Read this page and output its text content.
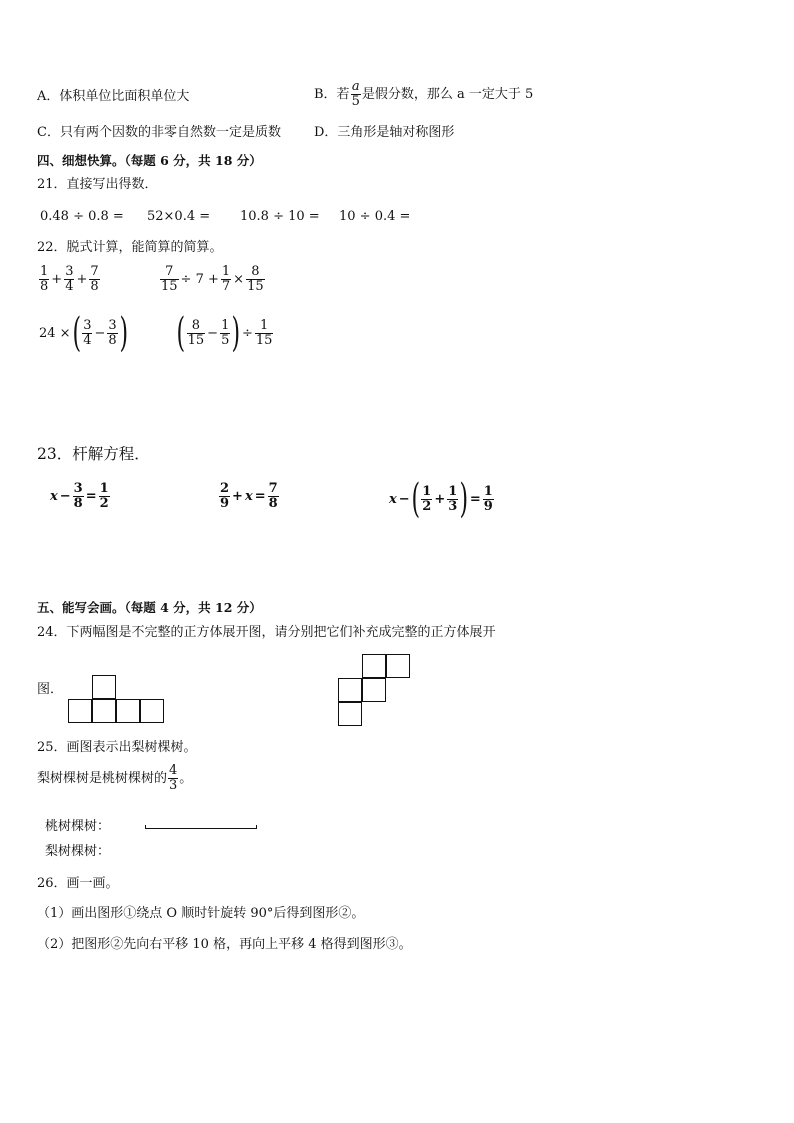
A．体积单位比面积单位大	B．若 $\frac{a}{5}$ 是假分数，那么 a 一定大于 5
C．只有两个因数的非零自然数一定是质数	D．三角形是轴对称图形
四、细想快算。（每题 6 分，共 18 分）
21．直接写出得数．
0.48 ÷ 0.8 = 52×0.4 = 10.8 ÷ 10 = 10 ÷ 0.4 =
22．脱式计算，能简算的简算。
$\frac{1}{8} + \frac{3}{4} + \frac{7}{8}$	$\frac{7}{15} \div 7 + \frac{1}{7} \times \frac{8}{15}$
24 × ( $\frac{3}{4} - \frac{3}{8}$ ) ( $\frac{8}{15} - \frac{1}{5}$ ) ÷ $\frac{1}{15}$
23．杆解方程．
$x - \frac{3}{8} = \frac{1}{2}$	$\frac{2}{9} + x = \frac{7}{8}$	x − ( $\frac{1}{2} + \frac{1}{3}$ ) = $\frac{1}{9}$
五、能写会画。（每题 4 分，共 12 分）
24．下两幅图是不完整的正方体展开图，请分别把它们补充成完整的正方体展开
图．
25．画图表示出梨树棵树。
梨树棵树是桃树棵树的 $\frac{4}{3}$ 。
桃树棵树：
梨树棵树：
26．画一画。
（1）画出图形①绕点 O 顺时针旋转 90°后得到图形②。
（2）把图形②先向右平移 10 格，再向上平移 4 格得到图形③。
